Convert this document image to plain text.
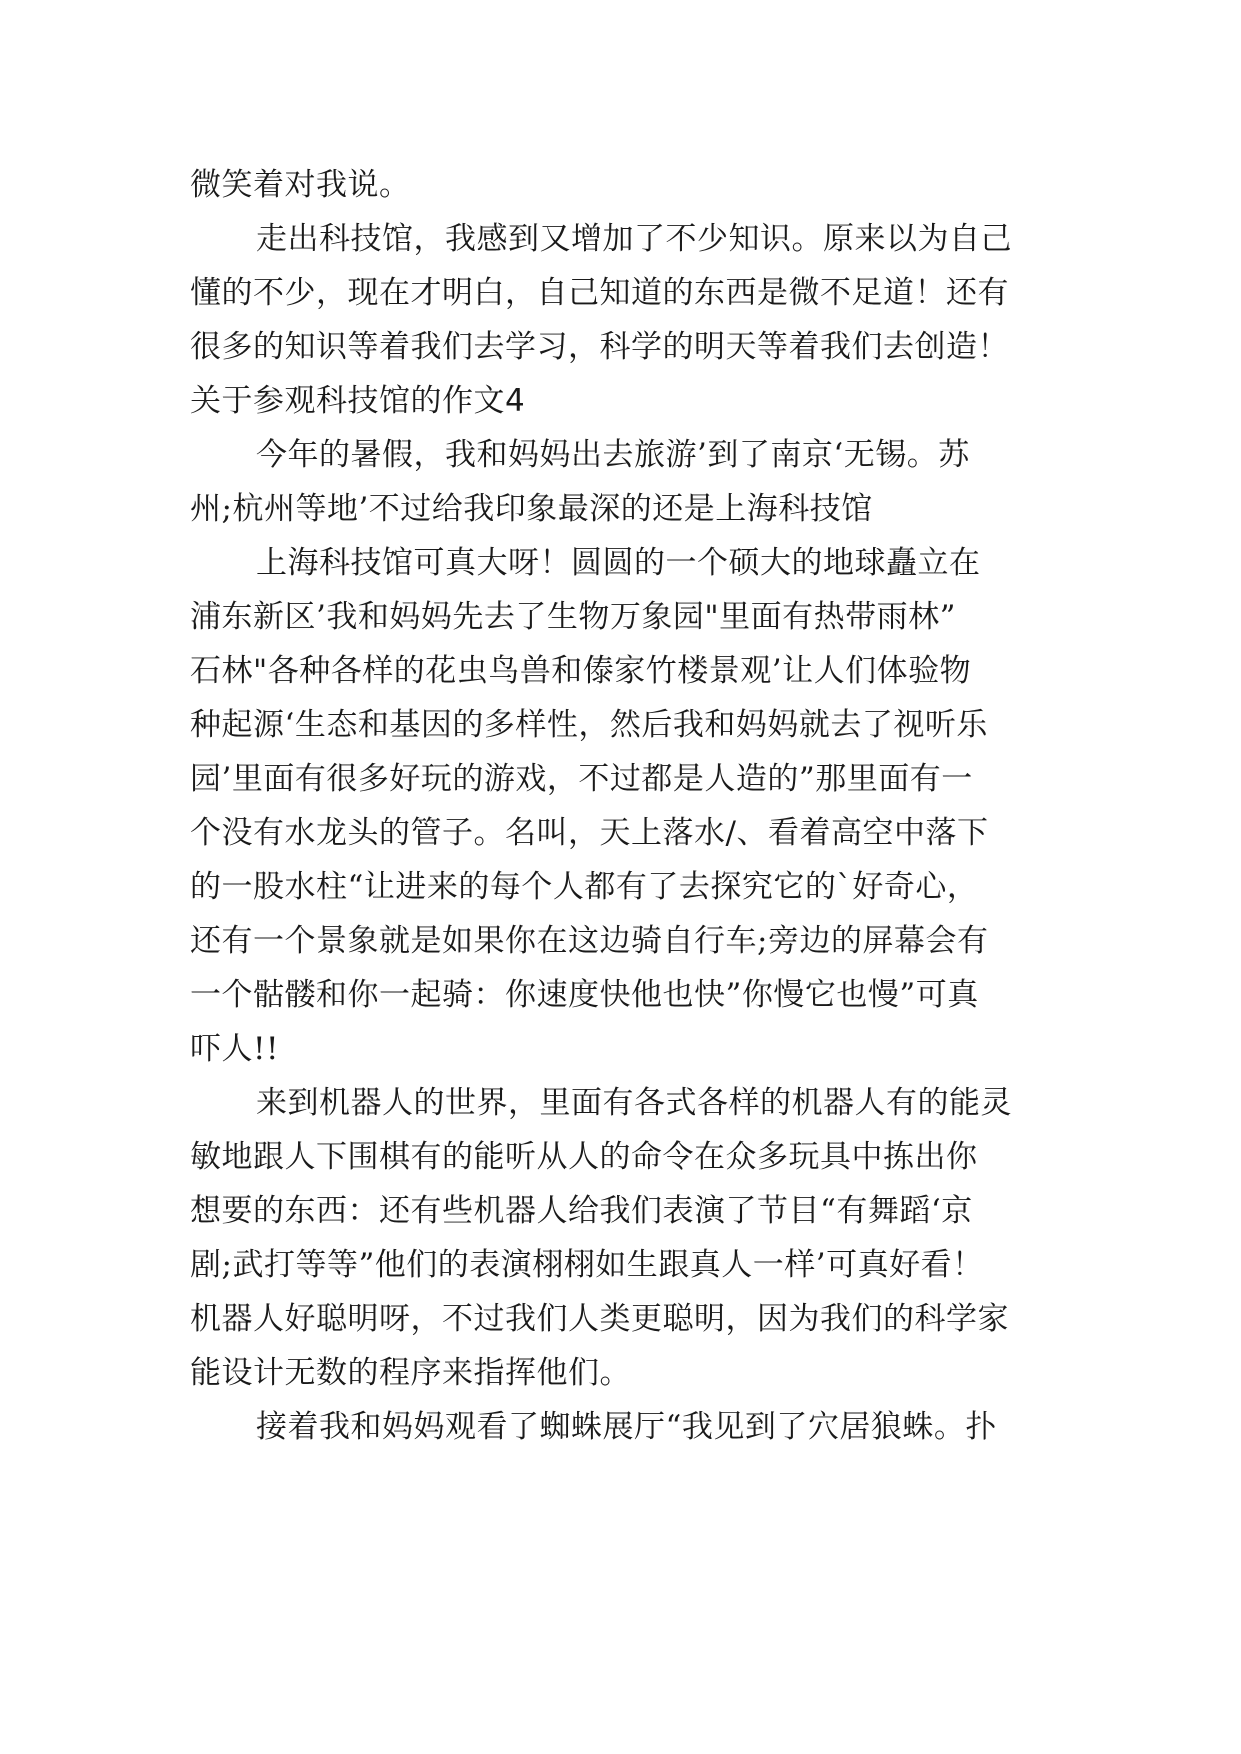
微笑着对我说。
走出科技馆，我感到又增加了不少知识。原来以为自己
懂的不少，现在才明白，自己知道的东西是微不足道！还有
很多的知识等着我们去学习，科学的明天等着我们去创造！
关于参观科技馆的作文4
今年的暑假，我和妈妈出去旅游’到了南京‘无锡。苏
州;杭州等地’不过给我印象最深的还是上海科技馆
上海科技馆可真大呀！圆圆的一个硕大的地球矗立在
浦东新区’我和妈妈先去了生物万象园"里面有热带雨林”
石林"各种各样的花虫鸟兽和傣家竹楼景观’让人们体验物
种起源‘生态和基因的多样性，然后我和妈妈就去了视听乐
园’里面有很多好玩的游戏，不过都是人造的”那里面有一
个没有水龙头的管子。名叫，天上落水/、看着高空中落下
的一股水柱“让进来的每个人都有了去探究它的`好奇心，
还有一个景象就是如果你在这边骑自行车;旁边的屏幕会有
一个骷髅和你一起骑：你速度快他也快”你慢它也慢”可真
吓人!!
来到机器人的世界，里面有各式各样的机器人有的能灵
敏地跟人下围棋有的能听从人的命令在众多玩具中拣出你
想要的东西：还有些机器人给我们表演了节目“有舞蹈‘京
剧;武打等等”他们的表演栩栩如生跟真人一样’可真好看！
机器人好聪明呀，不过我们人类更聪明，因为我们的科学家
能设计无数的程序来指挥他们。
接着我和妈妈观看了蜘蛛展厅“我见到了穴居狼蛛。扑
